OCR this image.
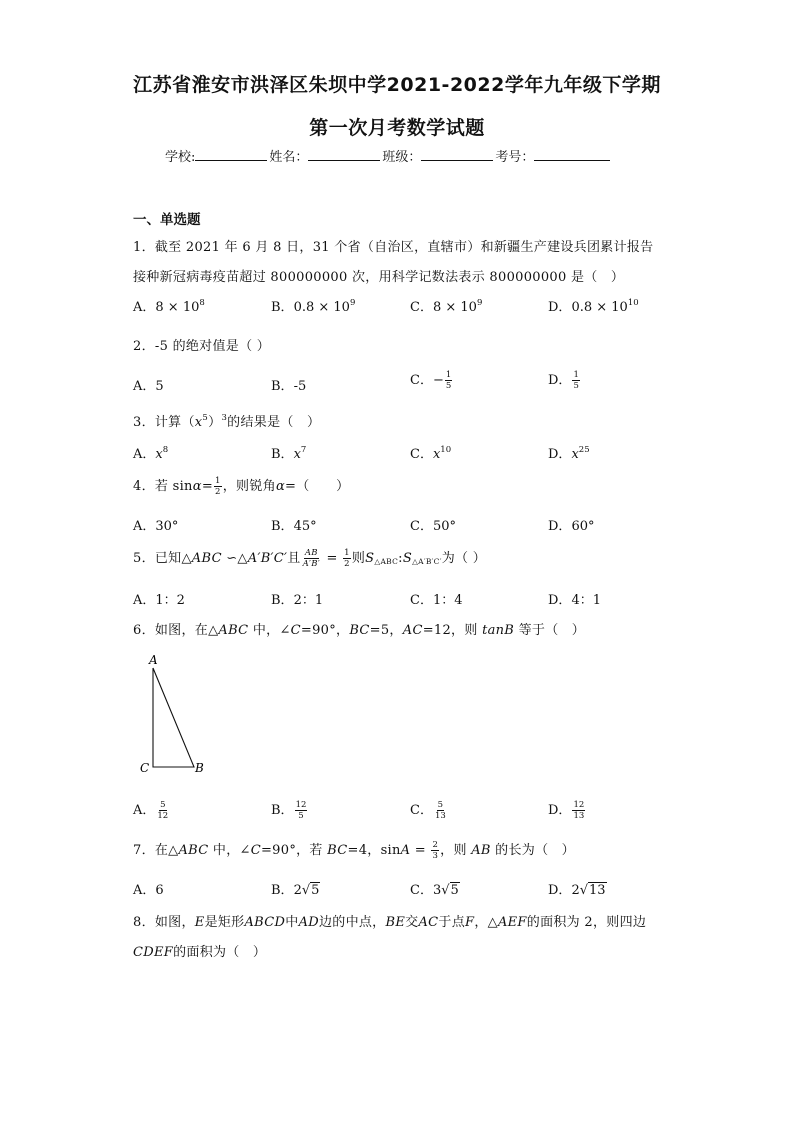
江苏省淮安市洪泽区朱坝中学2021-2022学年九年级下学期
第一次月考数学试题
学校:	姓名：	班级：	考号：
一、单选题
1．截至 2021 年 6 月 8 日，31 个省（自治区，直辖市）和新疆生产建设兵团累计报告
接种新冠病毒疫苗超过 800000000 次，用科学记数法表示 800000000 是（　）
A．$8 \times 10^8$	B．$0.8 \times 10^9$	C．$8 \times 10^9$	D．$0.8 \times 10^{10}$
2．-5 的绝对值是（ ）
A．5	B．-5	C．− $\frac{1}{5}$	D． $\frac{1}{5}$
3．计算$(x^5)^3$的结果是（　）
A．$x^8$	B．$x^7$	C．$x^{10}$	D．$x^{25}$
4．若 $\sin\alpha= \frac{1}{2}$ ，则锐角α=（　　）
A．30°	B．45°	C．50°	D．60°
5．已知△ABC ∽△A′B′C′且 $\frac{AB}{A'B'} = \frac{1}{2}$ 则$S_{\triangle ABC}:S_{\triangle A'B'C'}$为（ ）
A．1：2	B．2：1	C．1：4	D．4：1
6．如图，在△ABC 中，∠C=90°，BC=5，AC=12，则 tanB 等于（　）
A
C	B
A． $\frac{5}{12}$	B． $\frac{12}{5}$	C． $\frac{5}{13}$	D． $\frac{12}{13}$
7．在△ABC 中，∠C=90°，若 BC=4，$\sin A = \frac{2}{3}$ ，则 AB 的长为（　）
A．6	B．2√5	C．3√5	D．2√13
8．如图，E是矩形ABCD中AD边的中点，BE交AC于点F，△AEF的面积为 2，则四边
CDEF的面积为（　）
